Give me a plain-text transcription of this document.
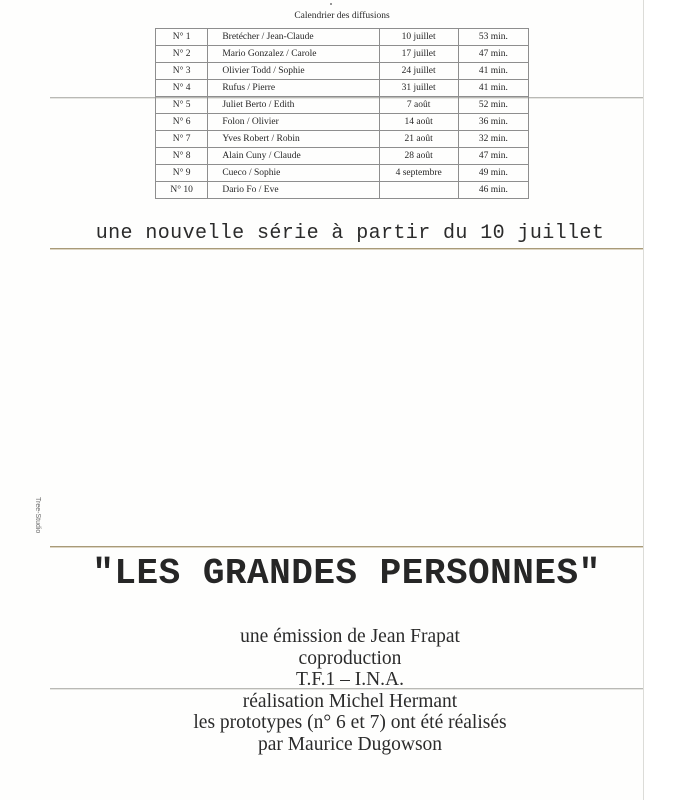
Calendrier des diffusions
N° 1	Bretécher / Jean-Claude	10 juillet	53 min.
N° 2	Mario Gonzalez / Carole	17 juillet	47 min.
N° 3	Olivier Todd / Sophie	24 juillet	41 min.
N° 4	Rufus / Pierre	31 juillet	41 min.
N° 5	Juliet Berto / Edith	7 août	52 min.
N° 6	Folon / Olivier	14 août	36 min.
N° 7	Yves Robert / Robin	21 août	32 min.
N° 8	Alain Cuny / Claude	28 août	47 min.
N° 9	Cueco / Sophie	4 septembre	49 min.
N° 10	Dario Fo / Eve		46 min.
une nouvelle série à partir du 10 juillet
Tree-Studio
"LES GRANDES PERSONNES"
une émission de Jean Frapat
coproduction
T.F.1 – I.N.A.
réalisation Michel Hermant
les prototypes (n° 6 et 7) ont été réalisés
par Maurice Dugowson
